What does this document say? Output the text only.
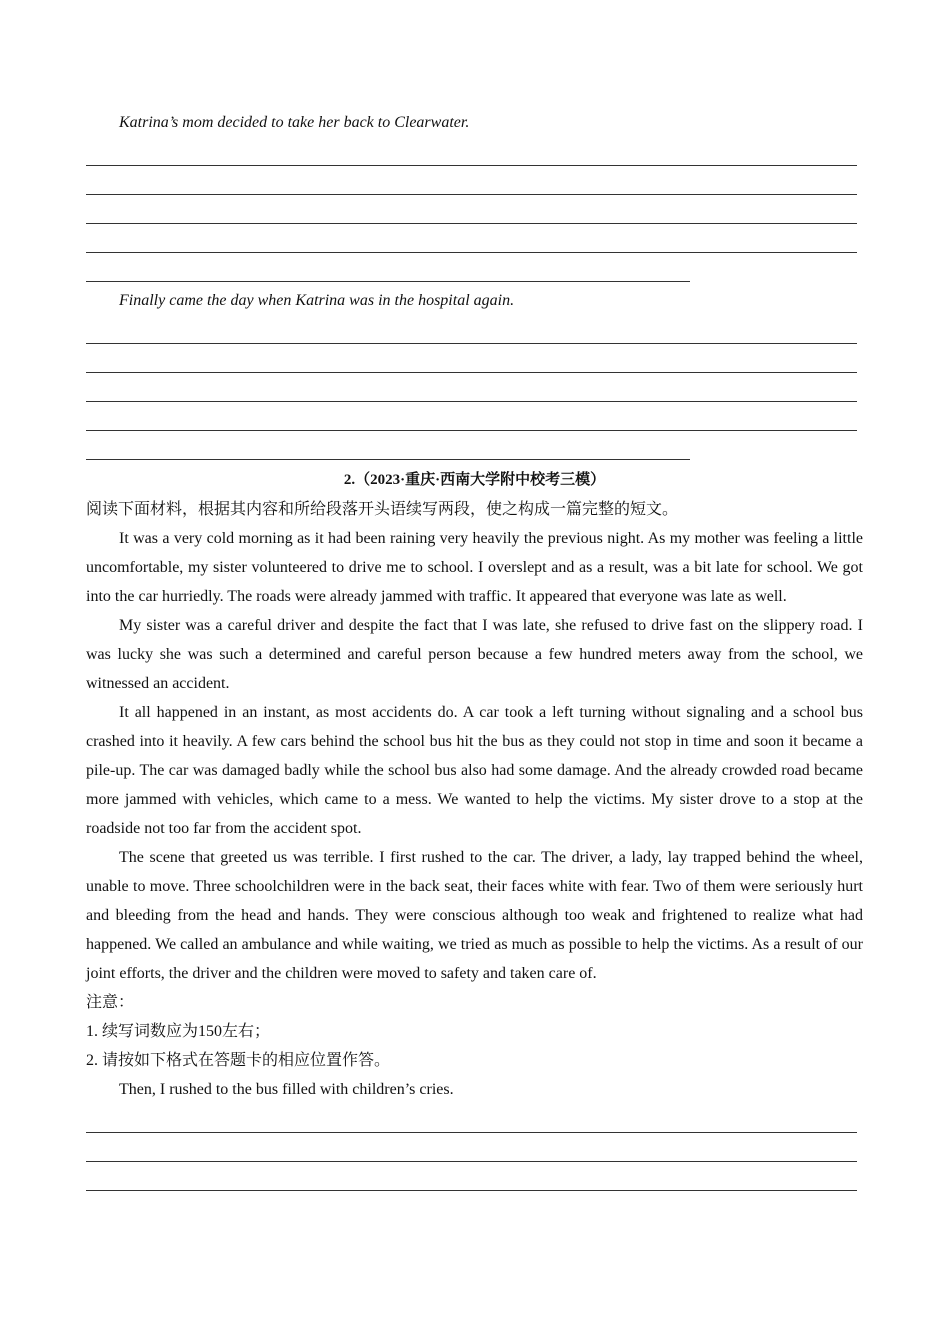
Katrina’s mom decided to take her back to Clearwater.

Finally came the day when Katrina was in the hospital again.

2.（2023·重庆·西南大学附中校考三模）

阅读下面材料，根据其内容和所给段落开头语续写两段，使之构成一篇完整的短文。

It was a very cold morning as it had been raining very heavily the previous night. As my mother was feeling a little uncomfortable, my sister volunteered to drive me to school. I overslept and as a result, was a bit late for school. We got into the car hurriedly. The roads were already jammed with traffic. It appeared that everyone was late as well.

My sister was a careful driver and despite the fact that I was late, she refused to drive fast on the slippery road. I was lucky she was such a determined and careful person because a few hundred meters away from the school, we witnessed an accident.

It all happened in an instant, as most accidents do. A car took a left turning without signaling and a school bus crashed into it heavily. A few cars behind the school bus hit the bus as they could not stop in time and soon it became a pile-up. The car was damaged badly while the school bus also had some damage. And the already crowded road became more jammed with vehicles, which came to a mess. We wanted to help the victims. My sister drove to a stop at the roadside not too far from the accident spot.

The scene that greeted us was terrible. I first rushed to the car. The driver, a lady, lay trapped behind the wheel, unable to move. Three schoolchildren were in the back seat, their faces white with fear. Two of them were seriously hurt and bleeding from the head and hands. They were conscious although too weak and frightened to realize what had happened. We called an ambulance and while waiting, we tried as much as possible to help the victims. As a result of our joint efforts, the driver and the children were moved to safety and taken care of.

注意：

1. 续写词数应为150左右；

2. 请按如下格式在答题卡的相应位置作答。

Then, I rushed to the bus filled with children’s cries.
